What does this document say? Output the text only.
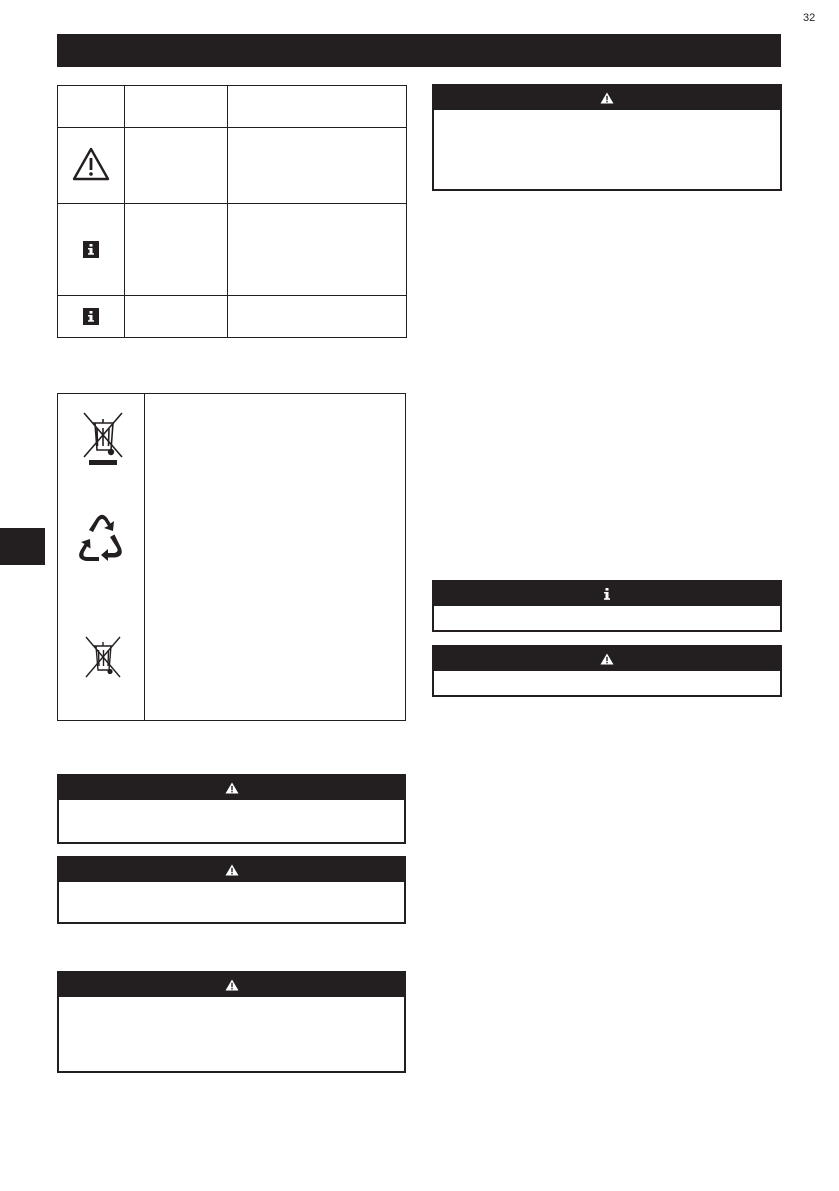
32
